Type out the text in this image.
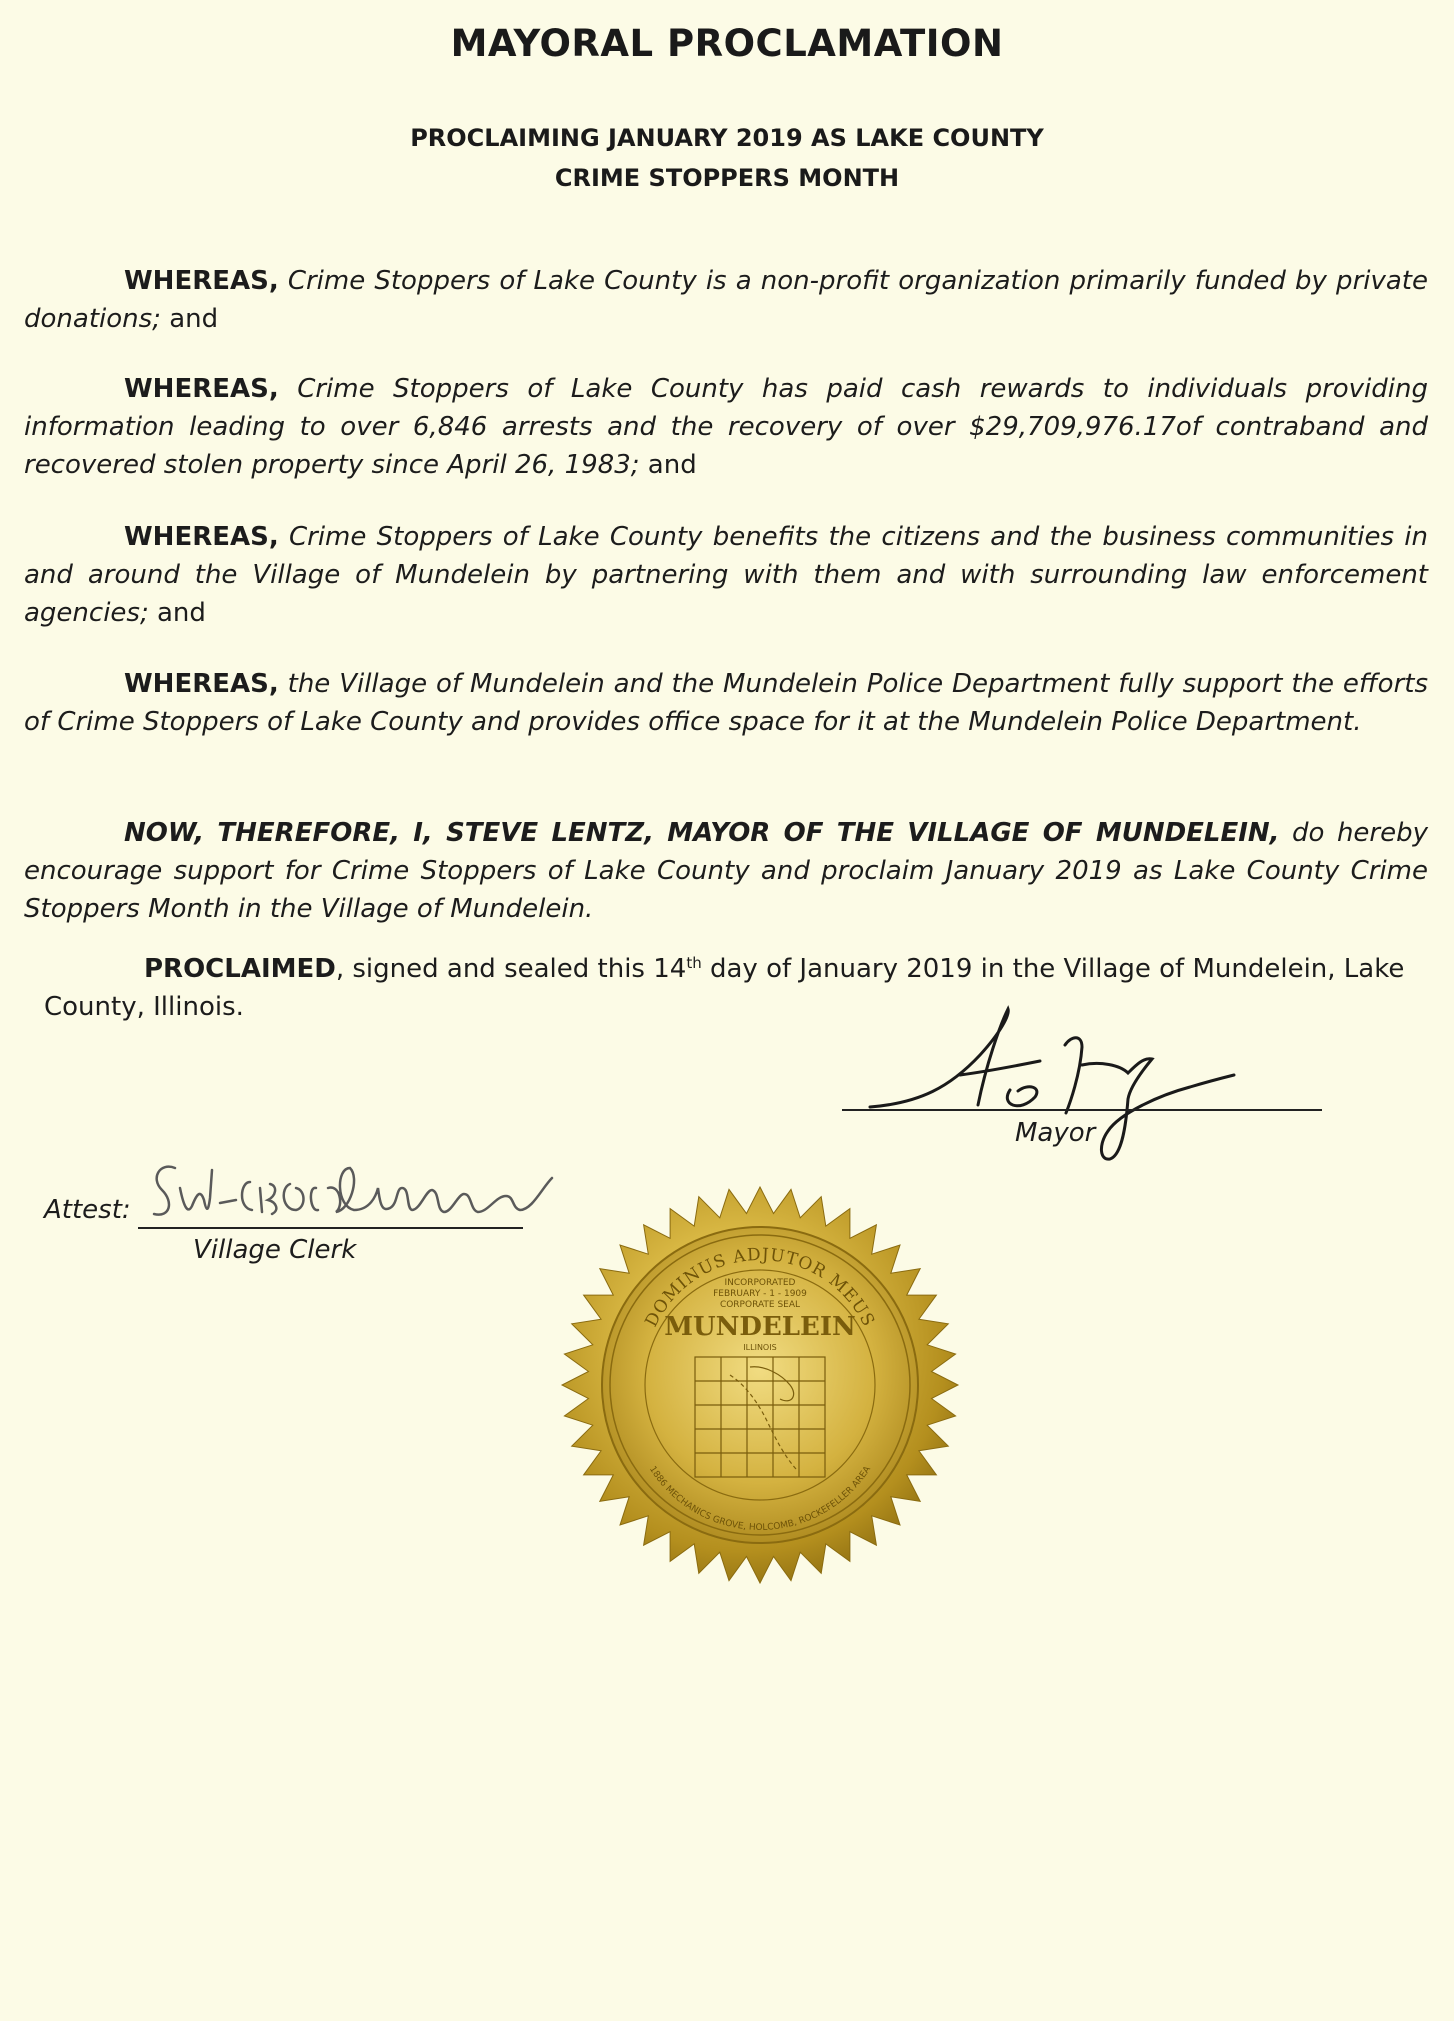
MAYORAL PROCLAMATION
PROCLAIMING JANUARY 2019 AS LAKE COUNTY
CRIME STOPPERS MONTH
WHEREAS, Crime Stoppers of Lake County is a non-profit organization primarily funded by private donations; and
WHEREAS, Crime Stoppers of Lake County has paid cash rewards to individuals providing information leading to over 6,846 arrests and the recovery of over $29,709,976.17of contraband and recovered stolen property since April 26, 1983; and
WHEREAS, Crime Stoppers of Lake County benefits the citizens and the business communities in and around the Village of Mundelein by partnering with them and with surrounding law enforcement agencies; and
WHEREAS, the Village of Mundelein and the Mundelein Police Department fully support the efforts of Crime Stoppers of Lake County and provides office space for it at the Mundelein Police Department.
NOW, THEREFORE, I, STEVE LENTZ, MAYOR OF THE VILLAGE OF MUNDELEIN, do hereby encourage support for Crime Stoppers of Lake County and proclaim January 2019 as Lake County Crime Stoppers Month in the Village of Mundelein.
PROCLAIMED, signed and sealed this 14th day of January 2019 in the Village of Mundelein, Lake County, Illinois.
Mayor
Attest:
Village Clerk
DOMINUS ADJUTOR MEUS
1886 MECHANICS GROVE, HOLCOMB, ROCKEFELLER AREA
INCORPORATED
FEBRUARY - 1 - 1909
CORPORATE SEAL
MUNDELEIN
ILLINOIS
